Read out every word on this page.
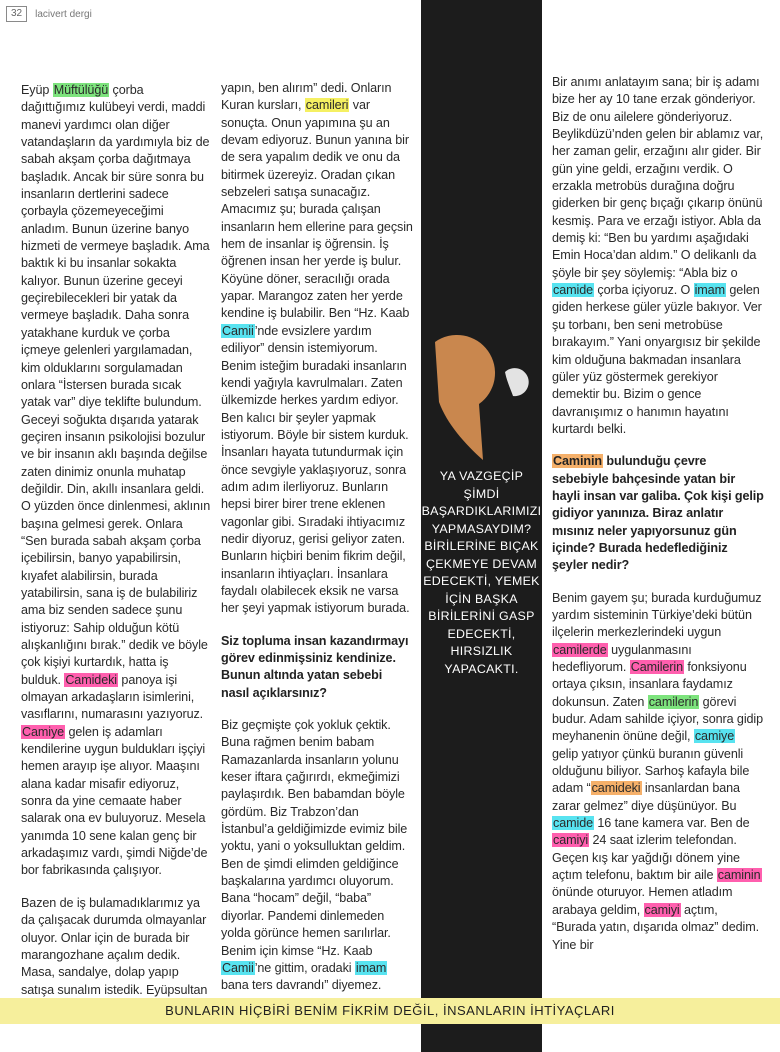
32	lacivert dergi

Eyüp Müftülüğü çorba dağıttığımız kulübeyi verdi, maddi manevi yardımcı olan diğer vatandaşların da yardımıyla biz de sabah akşam çorba dağıtmaya başladık. Ancak bir süre sonra bu insanların dertlerini sadece çorbayla çözemeyeceğimi anladım. Bunun üzerine banyo hizmeti de vermeye başladık. Ama baktık ki bu insanlar sokakta kalıyor. Bunun üzerine geceyi geçirebilecekleri bir yatak da vermeye başladık. Daha sonra yatakhane kurduk ve çorba içmeye gelenleri yargılamadan, kim olduklarını sorgulamadan onlara “İstersen burada sıcak yatak var” diye teklifte bulundum. Geceyi soğukta dışarıda yatarak geçiren insanın psikolojisi bozulur ve bir insanın aklı başında değilse zaten dinimiz onunla muhatap değildir. Din, akıllı insanlara geldi. O yüzden önce dinlenmesi, aklının başına gelmesi gerek. Onlara “Sen burada sabah akşam çorba içebilirsin, banyo yapabilirsin, kıyafet alabilirsin, burada yatabilirsin, sana iş de bulabiliriz ama biz senden sadece şunu istiyoruz: Sahip olduğun kötü alışkanlığını bırak.” dedik ve böyle çok kişiyi kurtardık, hatta iş bulduk. Camideki panoya işi olmayan arkadaşların isimlerini, vasıflarını, numarasını yazıyoruz. Camiye gelen iş adamları kendilerine uygun buldukları işçiyi hemen arayıp işe alıyor. Maaşını alana kadar misafir ediyoruz, sonra da yine cemaate haber salarak ona ev buluyoruz. Mesela yanımda 10 sene kalan genç bir arkadaşımız vardı, şimdi Niğde’de bor fabrikasında çalışıyor.

Bazen de iş bulamadıklarımız ya da çalışacak durumda olmayanlar oluyor. Onlar için de burada bir marangozhane açalım dedik. Masa, sandalye, dolap yapıp satışa sunalım istedik. Eyüpsultan

yapın, ben alırım” dedi. Onların Kuran kursları, camileri var sonuçta. Onun yapımına şu an devam ediyoruz. Bunun yanına bir de sera yapalım dedik ve onu da bitirmek üzereyiz. Oradan çıkan sebzeleri satışa sunacağız. Amacımız şu; burada çalışan insanların hem ellerine para geçsin hem de insanlar iş öğrensin. İş öğrenen insan her yerde iş bulur. Köyüne döner, seracılığı orada yapar. Marangoz zaten her yerde kendine iş bulabilir. Ben “Hz. Kaab Camii’nde evsizlere yardım ediliyor” densin istemiyorum. Benim isteğim buradaki insanların kendi yağıyla kavrulmaları. Zaten ülkemizde herkes yardım ediyor. Ben kalıcı bir şeyler yapmak istiyorum. Böyle bir sistem kurduk. İnsanları hayata tutundurmak için önce sevgiyle yaklaşıyoruz, sonra adım adım ilerliyoruz. Bunların hepsi birer birer trene eklenen vagonlar gibi. Sıradaki ihtiyacımız nedir diyoruz, gerisi geliyor zaten. Bunların hiçbiri benim fikrim değil, insanların ihtiyaçları. İnsanlara faydalı olabilecek eksik ne varsa her şeyi yapmak istiyorum burada.

Siz topluma insan kazandırmayı görev edinmişsiniz kendinize. Bunun altında yatan sebebi nasıl açıklarsınız?

Biz geçmişte çok yokluk çektik. Buna rağmen benim babam Ramazanlarda insanların yolunu keser iftara çağırırdı, ekmeğimizi paylaşırdık. Ben babamdan böyle gördüm. Biz Trabzon’dan İstanbul’a geldiğimizde evimiz bile yoktu, yani o yoksulluktan geldim. Ben de şimdi elimden geldiğince başkalarına yardımcı oluyorum. Bana “hocam” değil, “baba” diyorlar. Pandemi dinlemeden yolda görünce hemen sarılırlar. Benim için kimse “Hz. Kaab Camii’ne gittim, oradaki imam bana ters davrandı” diyemez.

YA VAZGEÇİP ŞİMDİ BAŞARDIKLARIMIZI YAPMASAYDIM? BİRİLERİNE BIÇAK ÇEKMEYE DEVAM EDECEKTİ, YEMEK İÇİN BAŞKA BİRİLERİNİ GASP EDECEKTİ, HIRSIZLIK YAPACAKTI.

Bir anımı anlatayım sana; bir iş adamı bize her ay 10 tane erzak gönderiyor. Biz de onu ailelere gönderiyoruz. Beylikdüzü’nden gelen bir ablamız var, her zaman gelir, erzağını alır gider. Bir gün yine geldi, erzağını verdik. O erzakla metrobüs durağına doğru giderken bir genç bıçağı çıkarıp önünü kesmiş. Para ve erzağı istiyor. Abla da demiş ki: “Ben bu yardımı aşağıdaki Emin Hoca’dan aldım.” O delikanlı da şöyle bir şey söylemiş: “Abla biz o camide çorba içiyoruz. O imam gelen giden herkese güler yüzle bakıyor. Ver şu torbanı, ben seni metrobüse bırakayım.” Yani onyargısız bir şekilde kim olduğuna bakmadan insanlara güler yüz göstermek gerekiyor demektir bu. Bizim o gence davranışımız o hanımın hayatını kurtardı belki.

Caminin bulunduğu çevre sebebiyle bahçesinde yatan bir hayli insan var galiba. Çok kişi gelip gidiyor yanınıza. Biraz anlatır mısınız neler yapıyorsunuz gün içinde? Burada hedeflediğiniz şeyler nedir?

Benim gayem şu; burada kurduğumuz yardım sisteminin Türkiye’deki bütün ilçelerin merkezlerindeki uygun camilerde uygulanmasını hedefliyorum. Camilerin fonksiyonu ortaya çıksın, insanlara faydamız dokunsun. Zaten camilerin görevi budur. Adam sahilde içiyor, sonra gidip meyhanenin önüne değil, camiye gelip yatıyor çünkü buranın güvenli olduğunu biliyor. Sarhoş kafayla bile adam “camideki insanlardan bana zarar gelmez” diye düşünüyor. Bu camide 16 tane kamera var. Ben de camiyi 24 saat izlerim telefondan. Geçen kış kar yağdığı dönem yine açtım telefonu, baktım bir aile caminin önünde oturuyor. Hemen atladım arabaya geldim, camiyi açtım, “Burada yatın, dışarıda olmaz” dedim. Yine bir

BUNLARIN HİÇBİRİ BENİM FİKRİM DEĞİL, İNSANLARIN İHTİYAÇLARI
